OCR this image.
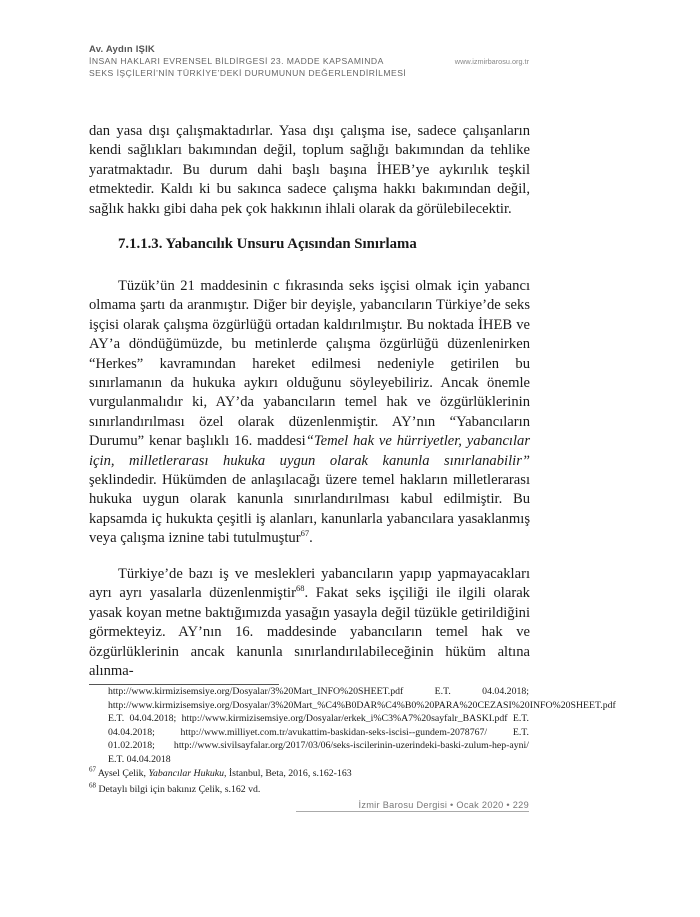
Av. Aydın IŞIK
İNSAN HAKLARI EVRENSEL BİLDİRGESİ 23. MADDE KAPSAMINDA
SEKS İŞÇİLERİ’NİN TÜRKİYE’DEKİ DURUMUNUN DEĞERLENDİRİLMESİ
www.izmirbarosu.org.tr

dan yasa dışı çalışmaktadırlar. Yasa dışı çalışma ise, sadece çalışanların kendi sağlıkları bakımından değil, toplum sağlığı bakımından da tehlike yaratmaktadır. Bu durum dahi başlı başına İHEB’ye aykırılık teşkil etmektedir. Kaldı ki bu sakınca sadece çalışma hakkı bakımından değil, sağlık hakkı gibi daha pek çok hakkının ihlali olarak da görülebilecektir.

7.1.1.3. Yabancılık Unsuru Açısından Sınırlama

Tüzük’ün 21 maddesinin c fıkrasında seks işçisi olmak için yabancı olmama şartı da aranmıştır. Diğer bir deyişle, yabancıların Türkiye’de seks işçisi olarak çalışma özgürlüğü ortadan kaldırılmıştır. Bu noktada İHEB ve AY’a döndüğümüzde, bu metinlerde çalışma özgürlüğü düzenlenirken “Herkes” kavramından hareket edilmesi nedeniyle getirilen bu sınırlamanın da hukuka aykırı olduğunu söyleyebiliriz. Ancak önemle vurgulanmalıdır ki, AY’da yabancıların temel hak ve özgürlüklerinin sınırlandırılması özel olarak düzenlenmiştir. AY’nın “Yabancıların Durumu” kenar başlıklı 16. maddesi“Temel hak ve hürriyetler, yabancılar için, milletlerarası hukuka uygun olarak kanunla sınırlanabilir” şeklindedir. Hükümden de anlaşılacağı üzere temel hakların milletlerarası hukuka uygun olarak kanunla sınırlandırılması kabul edilmiştir. Bu kapsamda iç hukukta çeşitli iş alanları, kanunlarla yabancılara yasaklanmış veya çalışma iznine tabi tutulmuştur$^{67}$.

Türkiye’de bazı iş ve meslekleri yabancıların yapıp yapmayacakları ayrı ayrı yasalarla düzenlenmiştir$^{68}$. Fakat seks işçiliği ile ilgili olarak yasak koyan metne baktığımızda yasağın yasayla değil tüzükle getirildiğini görmekteyiz. AY’nın 16. maddesinde yabancıların temel hak ve özgürlüklerinin ancak kanunla sınırlandırılabileceğinin hüküm altına alınma-

http://www.kirmizisemsiye.org/Dosyalar/3%20Mart_INFO%20SHEET.pdf E.T. 04.04.2018; http://www.kirmizisemsiye.org/Dosyalar/3%20Mart_%C4%B0DAR%C4%B0%20PARA%20CEZASI%20INFO%20SHEET.pdf E.T. 04.04.2018; http://www.kirmizisemsiye.org/Dosyalar/erkek_i%C3%A7%20sayfalr_BASKI.pdf E.T. 04.04.2018; http://www.milliyet.com.tr/avukattim-baskidan-seks-iscisi--gundem-2078767/ E.T. 01.02.2018; http://www.sivilsayfalar.org/2017/03/06/seks-iscilerinin-uzerindeki-baski-zulum-hep-ayni/ E.T. 04.04.2018
$^{67}$ Aysel Çelik, Yabancılar Hukuku, İstanbul, Beta, 2016, s.162-163
$^{68}$ Detaylı bilgi için bakınız Çelik, s.162 vd.
İzmir Barosu Dergisi • Ocak 2020 • 229
